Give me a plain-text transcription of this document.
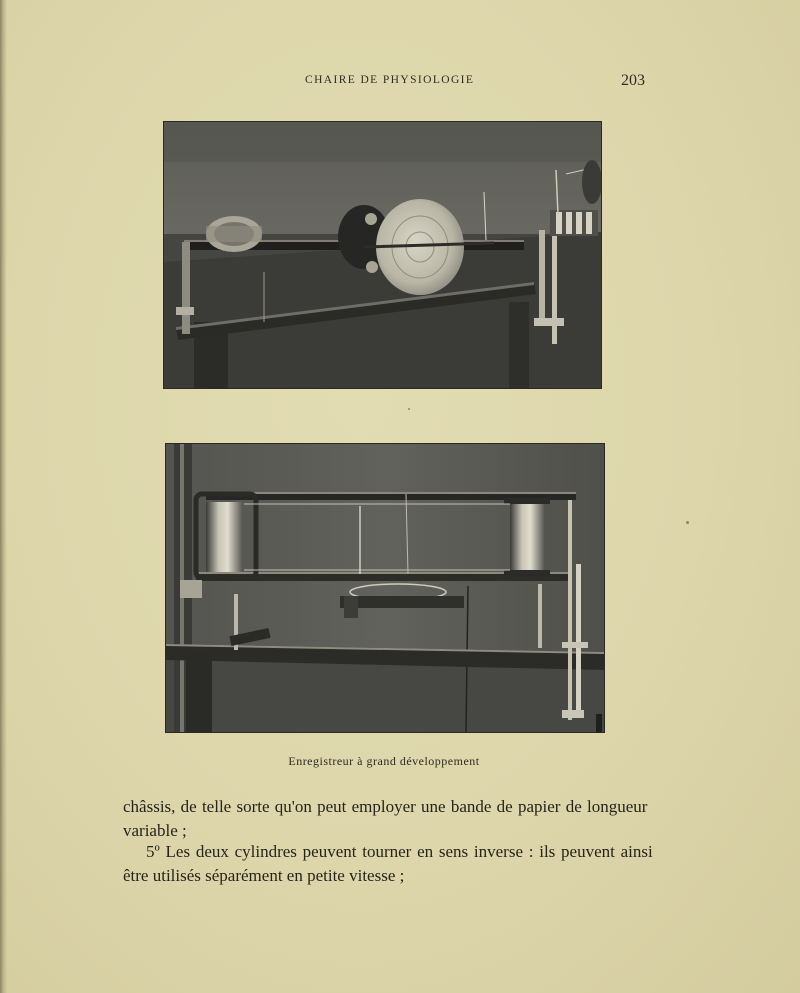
CHAIRE DE PHYSIOLOGIE	203
Enregistreur à grand développement
châssis, de telle sorte qu'on peut employer une bande de papier de longueur
variable ;
5º Les deux cylindres peuvent tourner en sens inverse : ils peuvent ainsi
être utilisés séparément en petite vitesse ;
